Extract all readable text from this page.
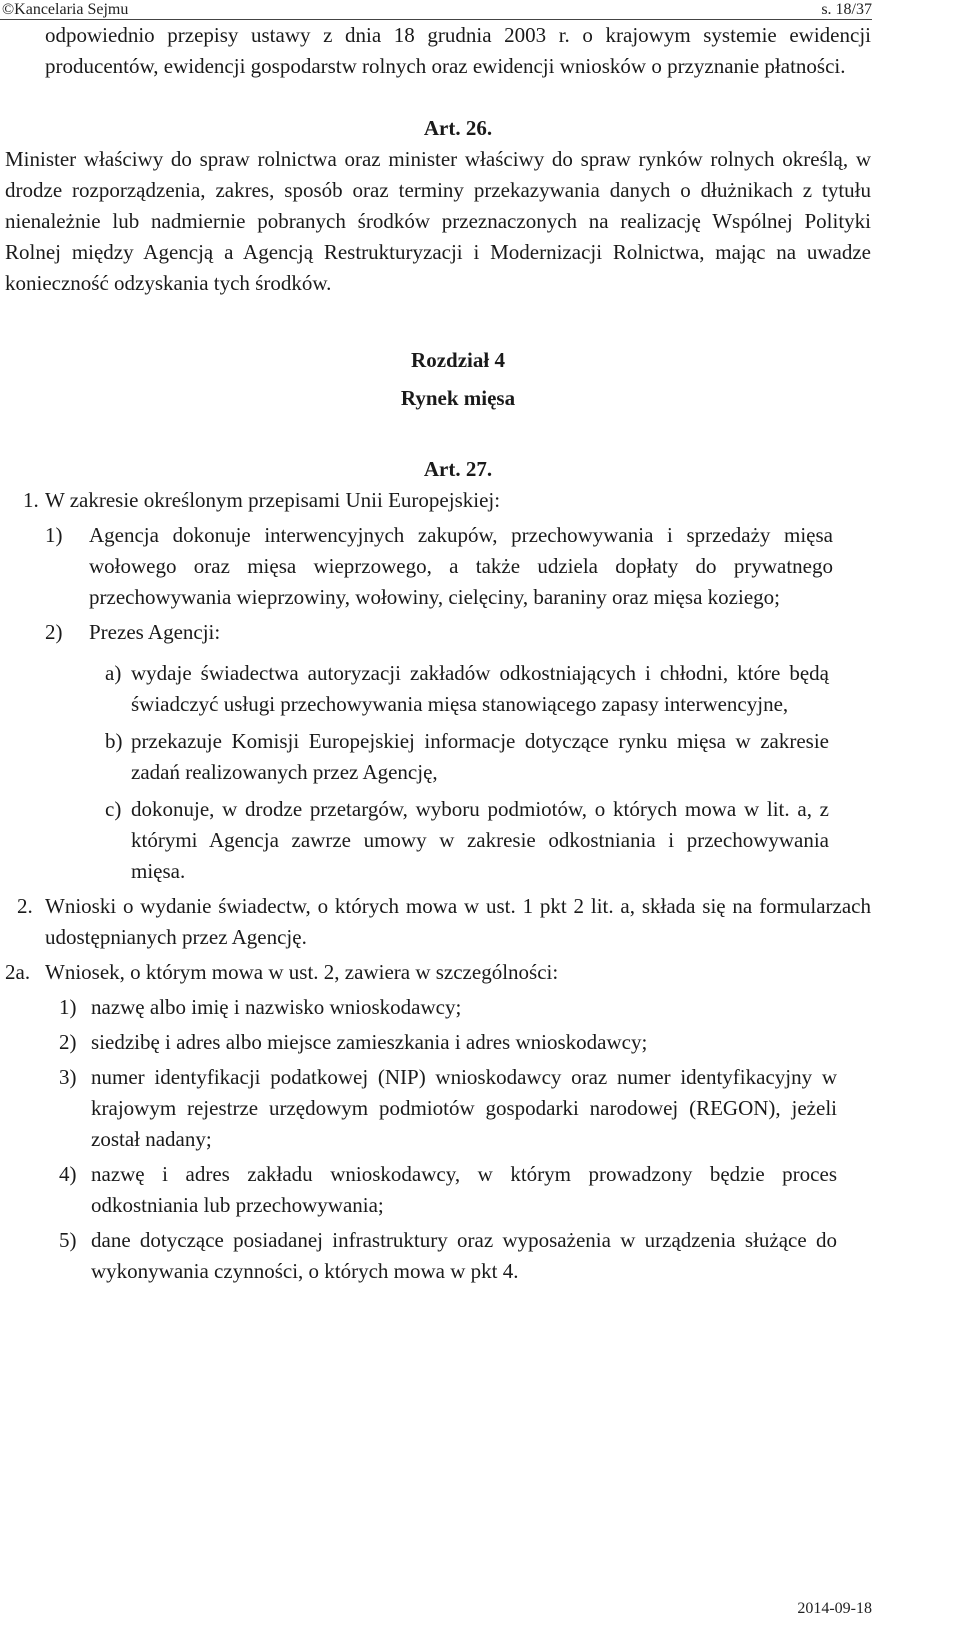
©Kancelaria Sejmu	s. 18/37

odpowiednio przepisy ustawy z dnia 18 grudnia 2003 r. o krajowym systemie ewidencji producentów, ewidencji gospodarstw rolnych oraz ewidencji wniosków o przyznanie płatności.

Art. 26.

Minister właściwy do spraw rolnictwa oraz minister właściwy do spraw rynków rolnych określą, w drodze rozporządzenia, zakres, sposób oraz terminy przekazywania danych o dłużnikach z tytułu nienależnie lub nadmiernie pobranych środków przeznaczonych na realizację Wspólnej Polityki Rolnej między Agencją a Agencją Restrukturyzacji i Modernizacji Rolnictwa, mając na uwadze konieczność odzyskania tych środków.

Rozdział 4

Rynek mięsa

Art. 27.

1. W zakresie określonym przepisami Unii Europejskiej:
1)	Agencja dokonuje interwencyjnych zakupów, przechowywania i sprzedaży mięsa wołowego oraz mięsa wieprzowego, a także udziela dopłaty do prywatnego przechowywania wieprzowiny, wołowiny, cielęciny, baraniny oraz mięsa koziego;
2)	Prezes Agencji:
a) wydaje świadectwa autoryzacji zakładów odkostniających i chłodni, które będą świadczyć usługi przechowywania mięsa stanowiącego zapasy interwencyjne,
b) przekazuje Komisji Europejskiej informacje dotyczące rynku mięsa w zakresie zadań realizowanych przez Agencję,
c) dokonuje, w drodze przetargów, wyboru podmiotów, o których mowa w lit. a, z którymi Agencja zawrze umowy w zakresie odkostniania i przechowywania mięsa.
2. Wnioski o wydanie świadectw, o których mowa w ust. 1 pkt 2 lit. a, składa się na formularzach udostępnianych przez Agencję.
2a. Wniosek, o którym mowa w ust. 2, zawiera w szczególności:
1) nazwę albo imię i nazwisko wnioskodawcy;
2) siedzibę i adres albo miejsce zamieszkania i adres wnioskodawcy;
3) numer identyfikacji podatkowej (NIP) wnioskodawcy oraz numer identyfikacyjny w krajowym rejestrze urzędowym podmiotów gospodarki narodowej (REGON), jeżeli został nadany;
4) nazwę i adres zakładu wnioskodawcy, w którym prowadzony będzie proces odkostniania lub przechowywania;
5) dane dotyczące posiadanej infrastruktury oraz wyposażenia w urządzenia służące do wykonywania czynności, o których mowa w pkt 4.
2014-09-18
